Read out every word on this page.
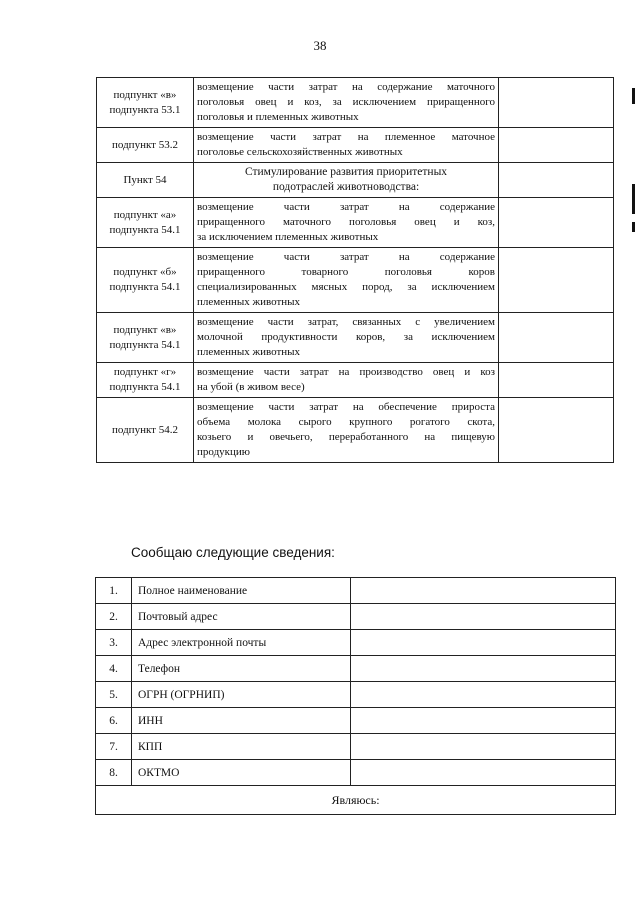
38
подпункт «в»
подпункта 53.1	возмещение части затрат на содержание маточного
поголовья овец и коз, за исключением приращенного
поголовья и племенных животных	

подпункт 53.2	возмещение части затрат на племенное маточное
поголовье сельскохозяйственных животных	

Пункт 54	Стимулирование развития приоритетных
подотраслей животноводства:	

подпункт «а»
подпункта 54.1	возмещение части затрат на содержание
приращенного маточного поголовья овец и коз,
за исключением племенных животных	

подпункт «б»
подпункта 54.1	возмещение части затрат на содержание
приращенного товарного поголовья коров
специализированных мясных пород, за исключением
племенных животных	

подпункт «в»
подпункта 54.1	возмещение части затрат, связанных с увеличением
молочной продуктивности коров, за исключением
племенных животных	

подпункт «г»
подпункта 54.1	возмещение части затрат на производство овец и коз
на убой (в живом весе)	

подпункт 54.2	возмещение части затрат на обеспечение прироста
объема молока сырого крупного рогатого скота,
козьего и овечьего, переработанного на пищевую
продукцию	

Сообщаю следующие сведения:
1.	Полное наименование	
2.	Почтовый адрес	
3.	Адрес электронной почты	
4.	Телефон	
5.	ОГРН (ОГРНИП)	
6.	ИНН	
7.	КПП	
8.	ОКТМО	
Являюсь:		
